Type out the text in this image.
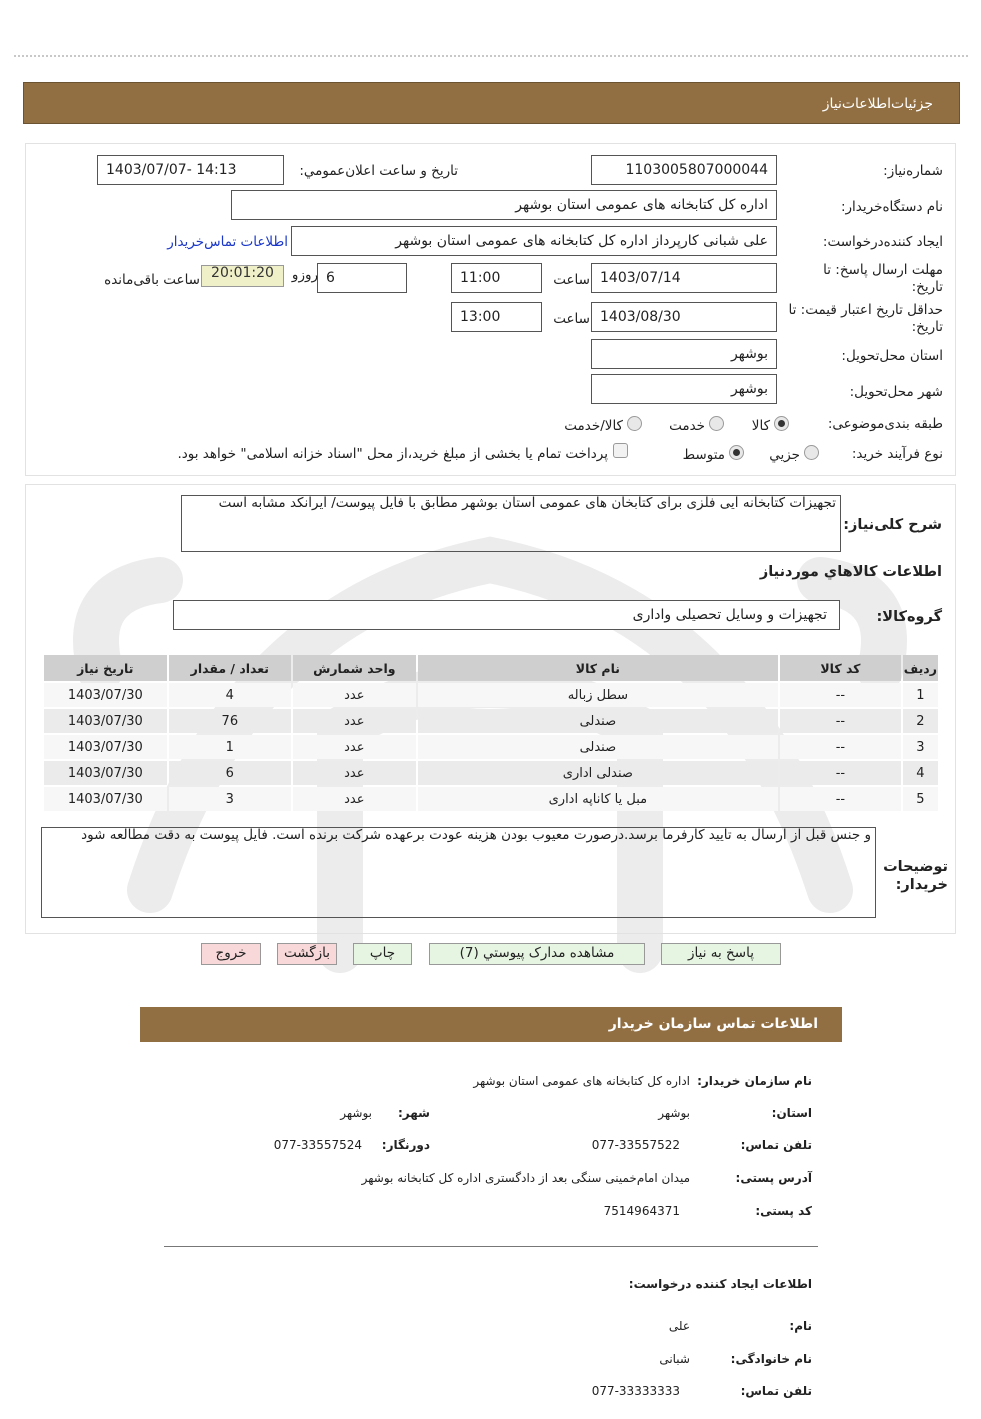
جزئیات‌اطلاعات‌نیاز
شماره‌نیاز:
1103005807000044
تاریخ و ساعت اعلان‌عمومي:
1403/07/07- 14:13
نام دستگاه‌خریدار:
اداره کل کتابخانه های عمومی استان بوشهر
ایجاد کننده‌درخواست:
علی شبانی کارپرداز اداره کل کتابخانه های عمومی استان بوشهر
اطلاعات تماس‌خریدار
مهلت ارسال پاسخ: تا تاریخ:
1403/07/14
ساعت
11:00
6
روزو
20:01:20
ساعت باقی‌مانده
حداقل تاریخ اعتبار قیمت: تا تاریخ:
1403/08/30
ساعت
13:00
استان محل‌تحویل:
بوشهر
شهر محل‌تحویل:
بوشهر
طبقه بندی‌موضوعی:
کالا
خدمت
کالا/خدمت
نوع فرآیند خرید:
جزیي
متوسط
پرداخت تمام یا بخشی از مبلغ خرید،از محل "اسناد خزانه اسلامی" خواهد بود.
شرح کلی‌نیاز:
تجهیزات کتابخانه ایی فلزی برای کتابخان های عمومی استان بوشهر مطابق با فایل پیوست/ ایرانکد مشابه است
اطلاعات کالاهاي موردنیاز
گروه‌کالا:
تجهیزات و وسایل تحصیلی واداری
ردیف	کد کالا	نام کالا	واحد شمارش	تعداد / مقدار	تاریخ نیاز
1	--	سطل زباله	عدد	4	1403/07/30
2	--	صندلی	عدد	76	1403/07/30
3	--	صندلی	عدد	1	1403/07/30
4	--	صندلی اداری	عدد	6	1403/07/30
5	--	مبل یا کاناپه اداری	عدد	3	1403/07/30
توضیحات خریدار:
و جنس قبل از ارسال به تایید کارفرما برسد.درصورت معیوب بودن هزینه عودت برعهده شرکت برنده است. فایل پیوست به دقت مطالعه شود
پاسخ به نیاز
مشاهده مدارک پیوستي (7)
چاپ
بازگشت
خروج
اطلاعات تماس سازمان خریدار
نام سازمان خریدار:
اداره کل کتابخانه های عمومی استان بوشهر
استان:
بوشهر
شهر:
بوشهر
تلفن تماس:
077-33557522
دورنگار:
077-33557524
آدرس پستی:
میدان امام‌خمینی سنگی بعد از دادگستری اداره کل کتابخانه بوشهر
کد پستی:
7514964371
اطلاعات ایجاد کننده درخواست:
نام:
علی
نام خانوادگی:
شبانی
تلفن تماس:
077-33333333
